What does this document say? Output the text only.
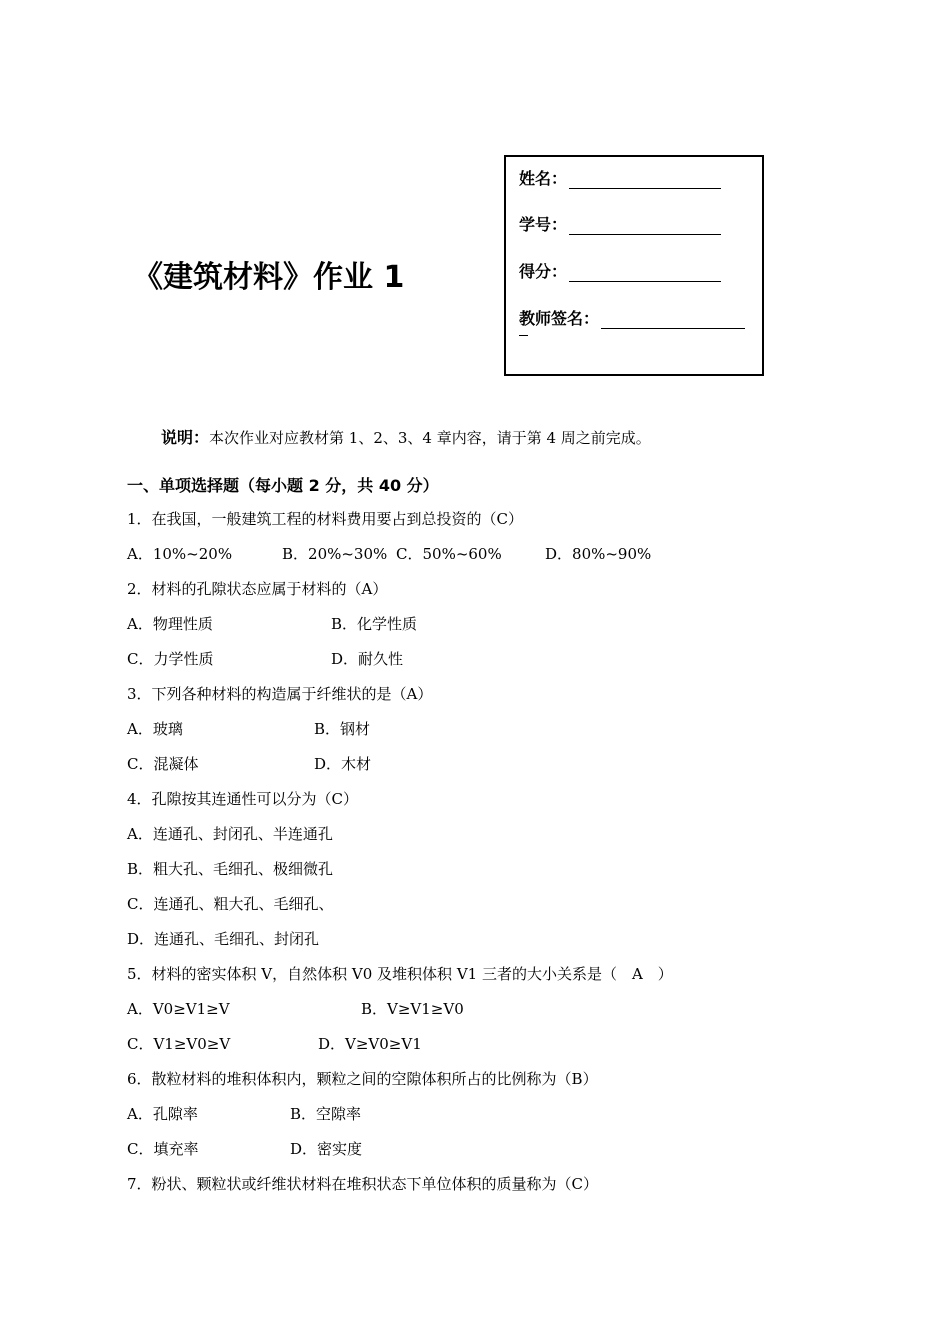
《建筑材料》作业 1
姓名：
学号：
得分：
教师签名：
说明：本次作业对应教材第 1、2、3、4 章内容，请于第 4 周之前完成。
一、单项选择题（每小题 2 分，共 40 分）
1．在我国，一般建筑工程的材料费用要占到总投资的（C）
A．10%~20%	B．20%~30% C．50%~60%	D．80%~90%
2．材料的孔隙状态应属于材料的（A）
A．物理性质	B．化学性质
C．力学性质	D．耐久性
3．下列各种材料的构造属于纤维状的是（A）
A．玻璃	B．钢材
C．混凝体	D．木材
4．孔隙按其连通性可以分为（C）
A．连通孔、封闭孔、半连通孔
B．粗大孔、毛细孔、极细微孔
C．连通孔、粗大孔、毛细孔、
D．连通孔、毛细孔、封闭孔
5．材料的密实体积 V，自然体积 V0 及堆积体积 V1 三者的大小关系是（　A　）
A．V0≥V1≥V	B．V≥V1≥V0
C．V1≥V0≥V	D．V≥V0≥V1
6．散粒材料的堆积体积内，颗粒之间的空隙体积所占的比例称为（B）
A．孔隙率	B．空隙率
C．填充率	D．密实度
7．粉状、颗粒状或纤维状材料在堆积状态下单位体积的质量称为（C）
